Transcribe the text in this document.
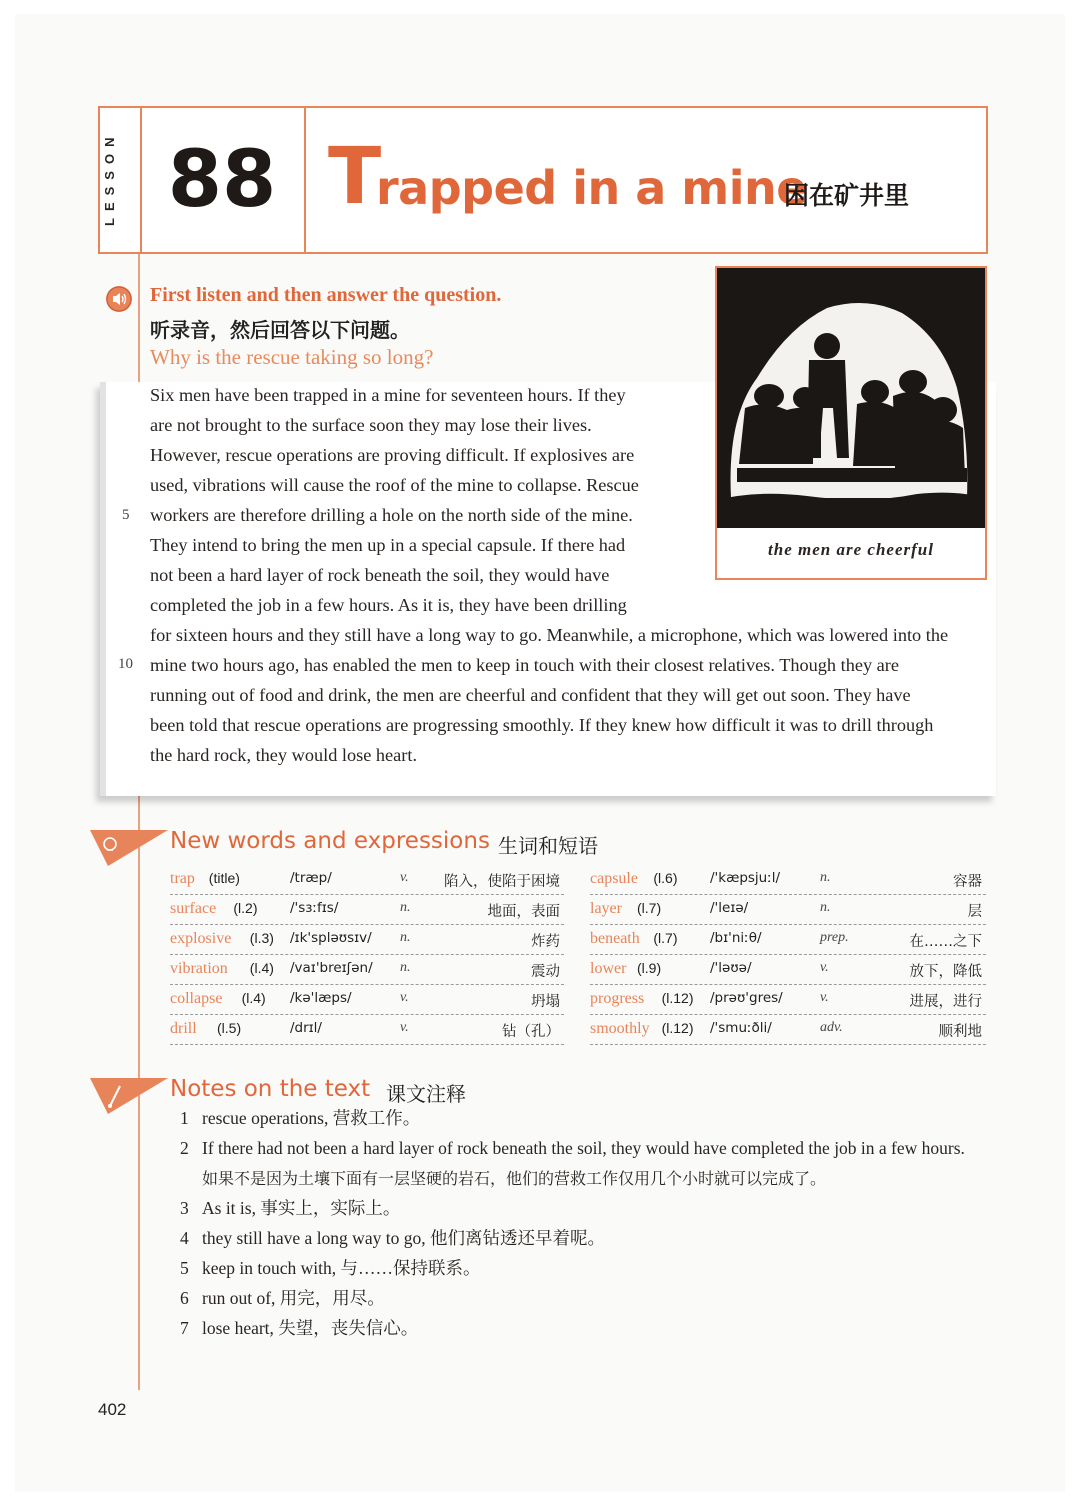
LESSON 88 T
rapped in a mine
困在矿井里
First listen and then answer the question.
听录音，然后回答以下问题。
Why is the rescue taking so long?
Six men have been trapped in a mine for seventeen hours. If they
are not brought to the surface soon they may lose their lives.
However, rescue operations are proving difficult. If explosives are
used, vibrations will cause the roof of the mine to collapse. Rescue
workers are therefore drilling a hole on the north side of the mine.
They intend to bring the men up in a special capsule. If there had
not been a hard layer of rock beneath the soil, they would have
completed the job in a few hours. As it is, they have been drilling
for sixteen hours and they still have a long way to go. Meanwhile, a microphone, which was lowered into the
mine two hours ago, has enabled the men to keep in touch with their closest relatives. Though they are
running out of food and drink, the men are cheerful and confident that they will get out soon. They have
been told that rescue operations are progressing smoothly. If they knew how difficult it was to drill through
the hard rock, they would lose heart.
5
10
the men are cheerful
New words and expressions 生词和短语
trap (title)	/træp/	v. 陷入，使陷于困境
surface (l.2) /'sɜːfɪs/	n.	地面，表面
explosive (l.3) /ɪk'spləʊsɪv/ n.	炸药
vibration (l.4) /vaɪ'breɪʃən/ n.	震动
collapse (l.4) /kə'læps/	v.	坍塌
drill (l.5)	/drɪl/	v.	钻（孔）
capsule (l.6) /'kæpsjuːl/	n.	容器
layer (l.7)	/'leɪə/	n.	层
beneath (l.7) /bɪ'niːθ/	prep.	在……之下
lower (l.9)	/'ləʊə/	v.	放下，降低
progress (l.12) /prəʊ'gres/	v.	进展，进行
smoothly (l.12) /'smuːðli/	adv.	顺利地
Notes on the text 课文注释
1 rescue operations, 营救工作。
2 If there had not been a hard layer of rock beneath the soil, they would have completed the job in a few hours.
如果不是因为土壤下面有一层坚硬的岩石，他们的营救工作仅用几个小时就可以完成了。
3 As it is, 事实上，实际上。
4 they still have a long way to go, 他们离钻透还早着呢。
5 keep in touch with, 与……保持联系。
6 run out of, 用完，用尽。
7 lose heart, 失望，丧失信心。
402
